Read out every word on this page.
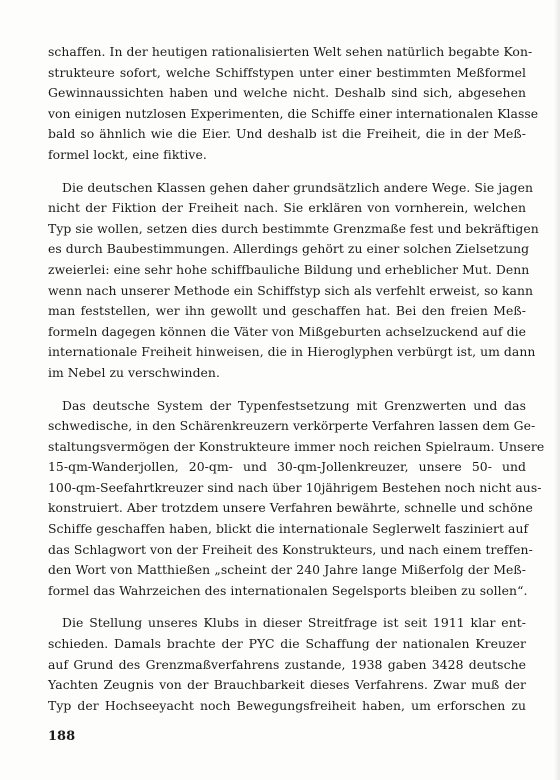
schaffen. In der heutigen rationalisierten Welt sehen natürlich begabte Kon-
strukteure sofort, welche Schiffstypen unter einer bestimmten Meßformel
Gewinnaussichten haben und welche nicht. Deshalb sind sich, abgesehen
von einigen nutzlosen Experimenten, die Schiffe einer internationalen Klasse
bald so ähnlich wie die Eier. Und deshalb ist die Freiheit, die in der Meß-
formel lockt, eine fiktive.

Die deutschen Klassen gehen daher grundsätzlich andere Wege. Sie jagen
nicht der Fiktion der Freiheit nach. Sie erklären von vornherein, welchen
Typ sie wollen, setzen dies durch bestimmte Grenzmaße fest und bekräftigen
es durch Baubestimmungen. Allerdings gehört zu einer solchen Zielsetzung
zweierlei: eine sehr hohe schiffbauliche Bildung und erheblicher Mut. Denn
wenn nach unserer Methode ein Schiffstyp sich als verfehlt erweist, so kann
man feststellen, wer ihn gewollt und geschaffen hat. Bei den freien Meß-
formeln dagegen können die Väter von Mißgeburten achselzuckend auf die
internationale Freiheit hinweisen, die in Hieroglyphen verbürgt ist, um dann
im Nebel zu verschwinden.

Das deutsche System der Typenfestsetzung mit Grenzwerten und das
schwedische, in den Schärenkreuzern verkörperte Verfahren lassen dem Ge-
staltungsvermögen der Konstrukteure immer noch reichen Spielraum. Unsere
15-qm-Wanderjollen, 20-qm- und 30-qm-Jollenkreuzer, unsere 50- und
100-qm-Seefahrtkreuzer sind nach über 10jährigem Bestehen noch nicht aus-
konstruiert. Aber trotzdem unsere Verfahren bewährte, schnelle und schöne
Schiffe geschaffen haben, blickt die internationale Seglerwelt fasziniert auf
das Schlagwort von der Freiheit des Konstrukteurs, und nach einem treffen-
den Wort von Matthießen „scheint der 240 Jahre lange Mißerfolg der Meß-
formel das Wahrzeichen des internationalen Segelsports bleiben zu sollen“.

Die Stellung unseres Klubs in dieser Streitfrage ist seit 1911 klar ent-
schieden. Damals brachte der PYC die Schaffung der nationalen Kreuzer
auf Grund des Grenzmaßverfahrens zustande, 1938 gaben 3428 deutsche
Yachten Zeugnis von der Brauchbarkeit dieses Verfahrens. Zwar muß der
Typ der Hochseeyacht noch Bewegungsfreiheit haben, um erforschen zu

188
